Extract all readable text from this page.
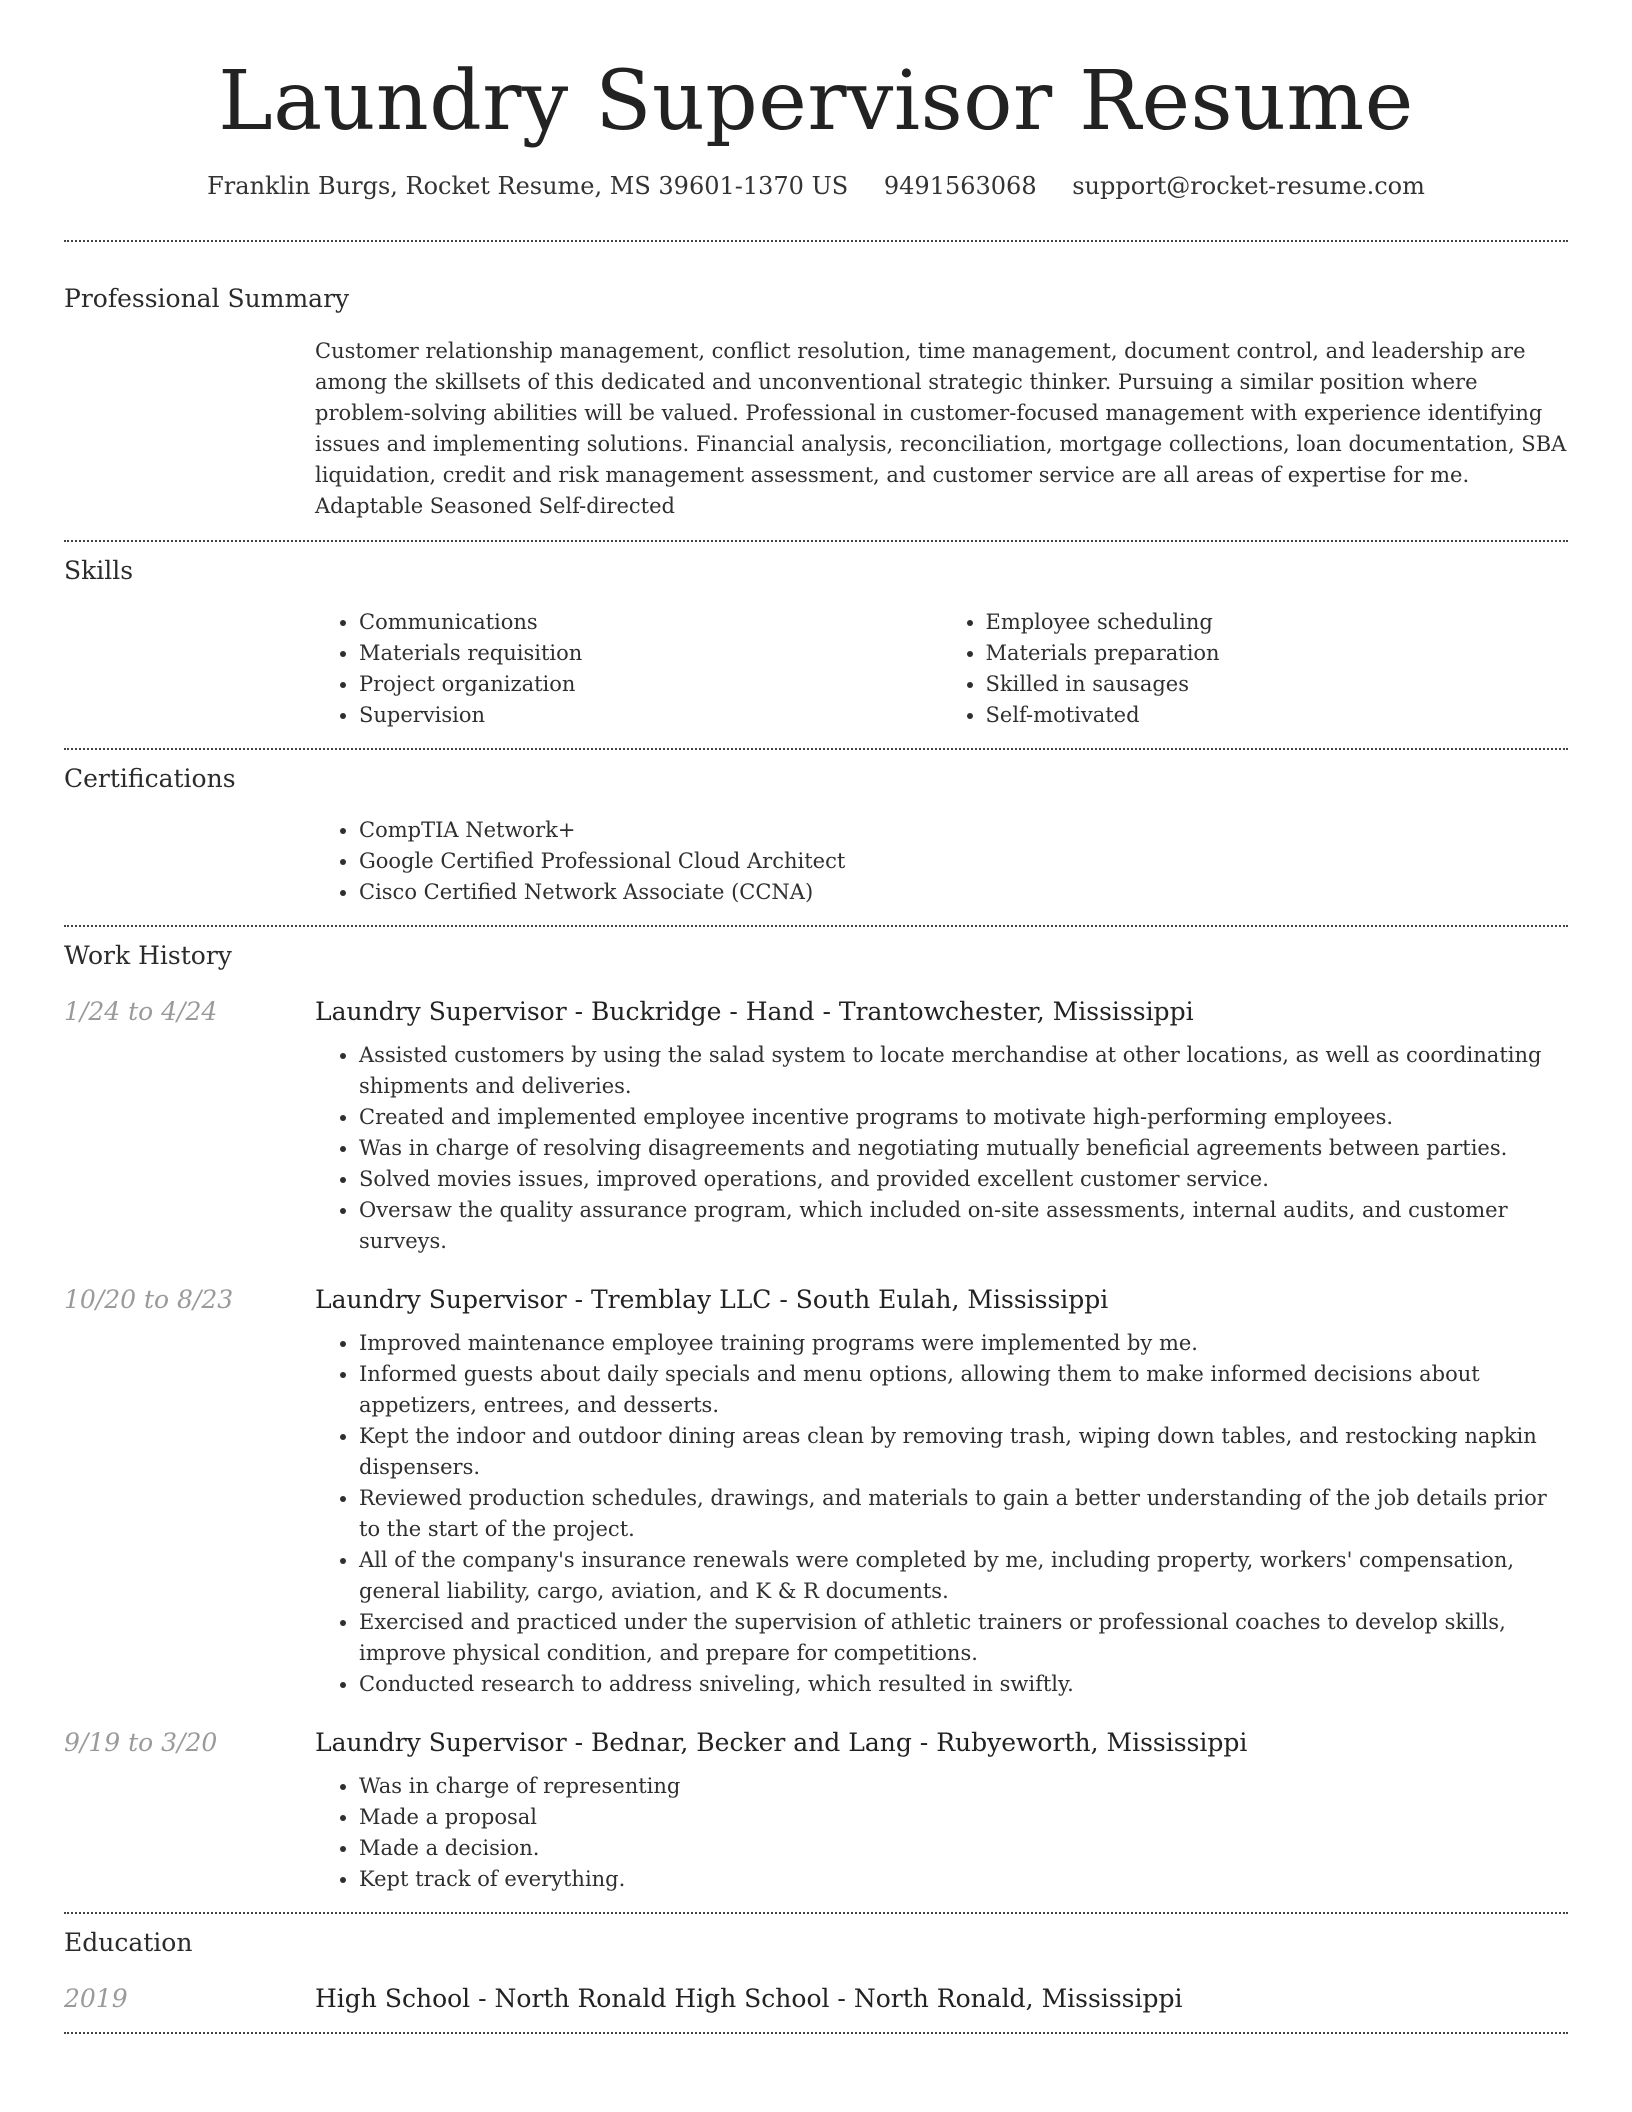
Laundry Supervisor Resume
Franklin Burgs, Rocket Resume, MS 39601-1370 US 9491563068 support@rocket-resume.com
Professional Summary
Customer relationship management, conflict resolution, time management, document control, and leadership are among the skillsets of this dedicated and unconventional strategic thinker. Pursuing a similar position where problem-solving abilities will be valued. Professional in customer-focused management with experience identifying issues and implementing solutions. Financial analysis, reconciliation, mortgage collections, loan documentation, SBA liquidation, credit and risk management assessment, and customer service are all areas of expertise for me. Adaptable Seasoned Self-directed
Skills
• Communications
• Materials requisition
• Project organization
• Supervision
• Employee scheduling
• Materials preparation
• Skilled in sausages
• Self-motivated
Certifications
• CompTIA Network+
• Google Certified Professional Cloud Architect
• Cisco Certified Network Associate (CCNA)
Work History
1/24 to 4/24	Laundry Supervisor - Buckridge - Hand - Trantowchester, Mississippi
• Assisted customers by using the salad system to locate merchandise at other locations, as well as coordinating shipments and deliveries.
• Created and implemented employee incentive programs to motivate high-performing employees.
• Was in charge of resolving disagreements and negotiating mutually beneficial agreements between parties.
• Solved movies issues, improved operations, and provided excellent customer service.
• Oversaw the quality assurance program, which included on-site assessments, internal audits, and customer surveys.
10/20 to 8/23	Laundry Supervisor - Tremblay LLC - South Eulah, Mississippi
• Improved maintenance employee training programs were implemented by me.
• Informed guests about daily specials and menu options, allowing them to make informed decisions about appetizers, entrees, and desserts.
• Kept the indoor and outdoor dining areas clean by removing trash, wiping down tables, and restocking napkin dispensers.
• Reviewed production schedules, drawings, and materials to gain a better understanding of the job details prior to the start of the project.
• All of the company's insurance renewals were completed by me, including property, workers' compensation, general liability, cargo, aviation, and K & R documents.
• Exercised and practiced under the supervision of athletic trainers or professional coaches to develop skills, improve physical condition, and prepare for competitions.
• Conducted research to address sniveling, which resulted in swiftly.
9/19 to 3/20	Laundry Supervisor - Bednar, Becker and Lang - Rubyeworth, Mississippi
• Was in charge of representing
• Made a proposal
• Made a decision.
• Kept track of everything.
Education
2019	High School - North Ronald High School - North Ronald, Mississippi
